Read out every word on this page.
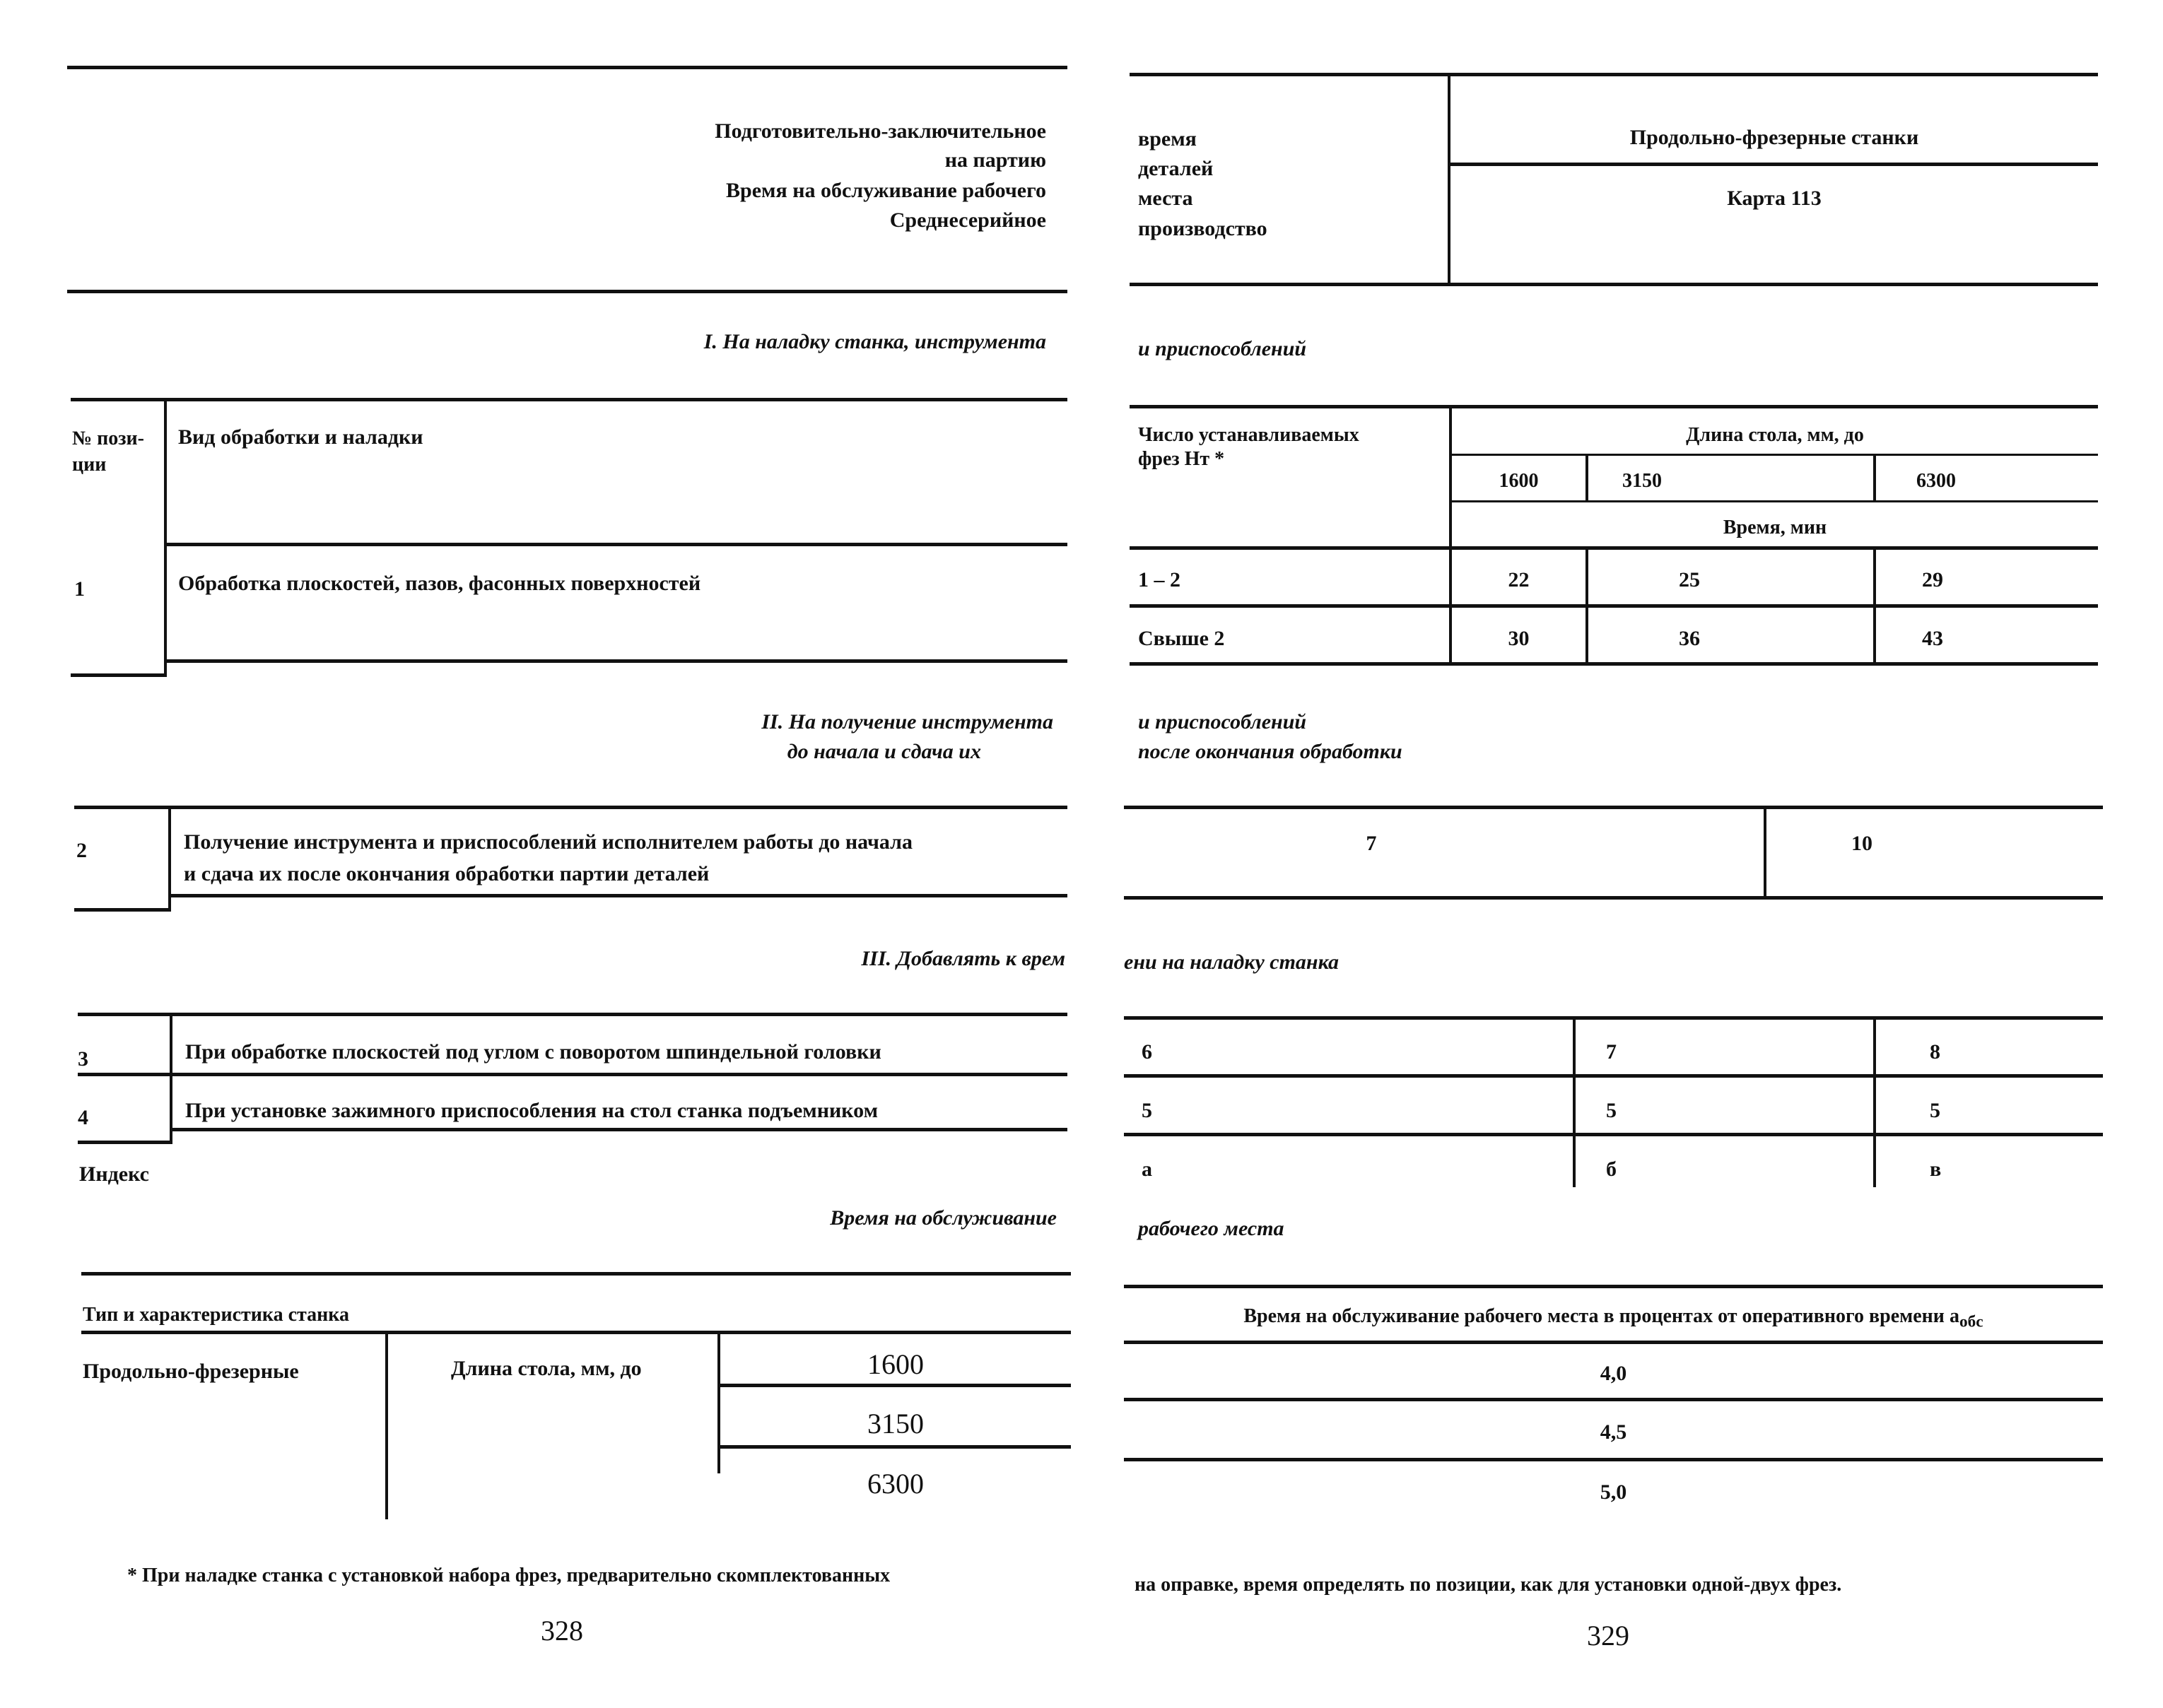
Подготовительно-заключительное
на партию
Время на обслуживание рабочего
Среднесерийное
I. На наладку станка, инструмента
№ пози-
ции
Вид обработки и наладки
1	Обработка плоскостей, пазов, фасонных поверхностей
II. На получение инструмента
до начала и сдача их
2	Получение инструмента и приспособлений исполнителем работы до начала
и сдача их после окончания обработки партии деталей
III. Добавлять к врем
3	При обработке плоскостей под углом с поворотом шпиндельной головки
4	При установке зажимного приспособления на стол станка подъемником
Индекс
Время на обслуживание
Тип и характеристика станка
Продольно-фрезерные	Длина стола, мм, до	1600
3150
6300
* При наладке станка с установкой набора фрез, предварительно скомплектованных
328
время
деталей
места
производство
Продольно-фрезерные станки
Карта 113
и приспособлений
Число устанавливаемых
фрез Нт *
Длина стола, мм, до
1600	3150	6300
Время, мин
1 – 2	22	25	29
Свыше 2	30	36	43
и приспособлений
после окончания обработки
7	10
ени на наладку станка
6	7	8
5	5	5
а	б	в
рабочего места
Время на обслуживание рабочего места в процентах от оперативного времени $a_{обс}$
4,0
4,5
5,0
на оправке, время определять по позиции, как для установки одной-двух фрез.
329
